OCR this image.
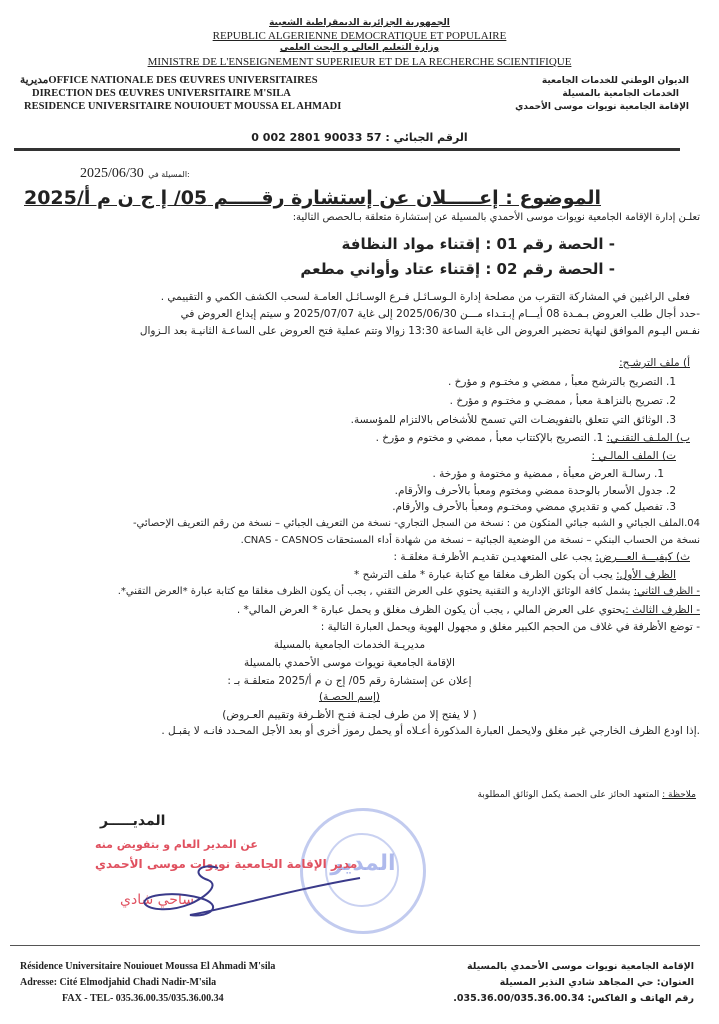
الجمهورية الجزائرية الديمقراطية الشعبية
REPUBLIC ALGERIENNE DEMOCRATIQUE ET POPULAIRE
وزارة التعليم العالي و البحث العلمي
MINISTRE DE L'ENSEIGNEMENT SUPERIEUR ET DE LA RECHERCHE SCIENTIFIQUE
مديريةOFFICE NATIONALE DES ŒUVRES UNIVERSITAIRES
DIRECTION DES ŒUVRES UNIVERSITAIRE M'SILA
RESIDENCE UNIVERSITAIRE NOUIOUET MOUSSA EL AHMADI
الديوان الوطني للخدمات الجامعية
الخدمات الجامعية بالمسيلة
الإقامة الجامعية نويوات موسى الأحمدي
الرقم الجبائي : 57 90033 2801 002 0
2025/06/30 المسيلة في:
الموضوع : إعـــــلان عن إستشارة رقـــــم 05/ إ ج ن م أ/2025
تعلـن إدارة الإقامة الجامعية نويوات موسى الأحمدي بالمسيلة عن إستشارة متعلقة بـالحصص التالية:
- الحصة رقم 01 : إقتناء مواد النظافة
- الحصة رقم 02 : إقتناء عتاد وأواني مطعم
فعلى الراغبين في المشاركة التقرب من مصلحة إدارة الـوسـائـل فـرع الوسـائـل العامـة لسحب الكشف الكمي و التقييمي .
-حدد أجال طلب العروض بـمـدة 08 أيـــام إبـتـداء مـــن 2025/06/30 إلى غاية 2025/07/07 و سيتم إيداع العروض في
نفـس اليـوم الموافق لنهاية تحضير العروض الى غاية الساعة 13:30 زوالا وتتم عملية فتح العروض على الساعـة الثانيـة بعد الـزوال
أ) ملف الترشـح:
1. التصريح بالترشح معبأ , ممضي و مختـوم و مؤرخ .
2. تصريح بالنزاهـة معبأ , ممضـي و مختـوم و مؤرخ .
3. الوثائق التي تتعلق بالتفويضـات التي تسمح للأشخاص بالالتزام للمؤسسة.
ب) الملـف التقنـي: 1. التصريح بالإكتتاب معبأ , ممضي و مختوم و مؤرخ .
ت) الملف المالـي :
1. رسالـة العرض معبأة , ممضية و مختومة و مؤرخة .
2. جدول الأسعار بالوحدة ممضي ومختوم ومعبأ بالأحرف والأرقام.
3. تفصيل كمي و تقديري ممضي ومختـوم ومعبأ بالأحرف والأرقام.
04.الملف الجبائي و الشبه جبائي المتكون من : نسخة من السجل التجاري- نسخة من التعريف الجبائي – نسخة من رقم التعريف الإحصائي-
نسخة من الحساب البنكي – نسخة من الوضعية الجبائية – نسخة من شهادة أداء المستحقات CNAS - CASNOS.
ث) كيفيـــة العـــرض: يجب على المتعهديـن تقديـم الأظرفـة مغلقـة :
الظرف الأول: يجب أن يكون الظرف مغلقا مع كتابة عبارة * ملف الترشح *
- الظرف الثاني: يشمل كافة الوثائق الإدارية و التقنية يحتوي على العرض التقني , يجب أن يكون الظرف مغلقا مع كتابة عبارة *العرض التقني*.
- الظرف الثالث :يحتوي على العرض المالي , يجب أن يكون الظرف مغلق و يحمل عبارة * العرض المالي* .
- توضع الأظرفة في غلاف من الحجم الكبير مغلق و مجهول الهوية ويحمل العبارة التالية :
مديريـة الخدمات الجامعية بالمسيلة
الإقامة الجامعية نويوات موسى الأحمدي بالمسيلة
إعلان عن إستشارة رقم 05/ إج ن م أ/2025 متعلقـة بـ :
(إسم الحصـة)
( لا يفتح إلا من طرف لجنـة فتـح الأظـرفة وتقييم العـروض)
.إذا اودع الظرف الخارجي غير مغلق ولايحمل العبارة المذكورة أعـلاه أو يحمل رموز أخرى أو بعد الأجل المحـدد فانـه لا يقبـل .
ملاحظة : المتعهد الحائز على الحصة يكمل الوثائق المطلوبة
المديـــــر
المدير
عن المدير العام و بتفويض منه
مدير الإقامة الجامعية نويوات موسى الأحمدي
ساحي شادي
Résidence Universitaire Nouiouet Moussa El Ahmadi M'sila
Adresse: Cité Elmodjahid Chadi Nadir-M'sila
FAX - TEL- 035.36.00.35/035.36.00.34
الإقامة الجامعية نويوات موسى الأحمدي بالمسيلة
العنوان: حي المجاهد شادي النذير المسيلة
رقم الهاتف و الفاكس: 035.36.00/035.36.00.34.
